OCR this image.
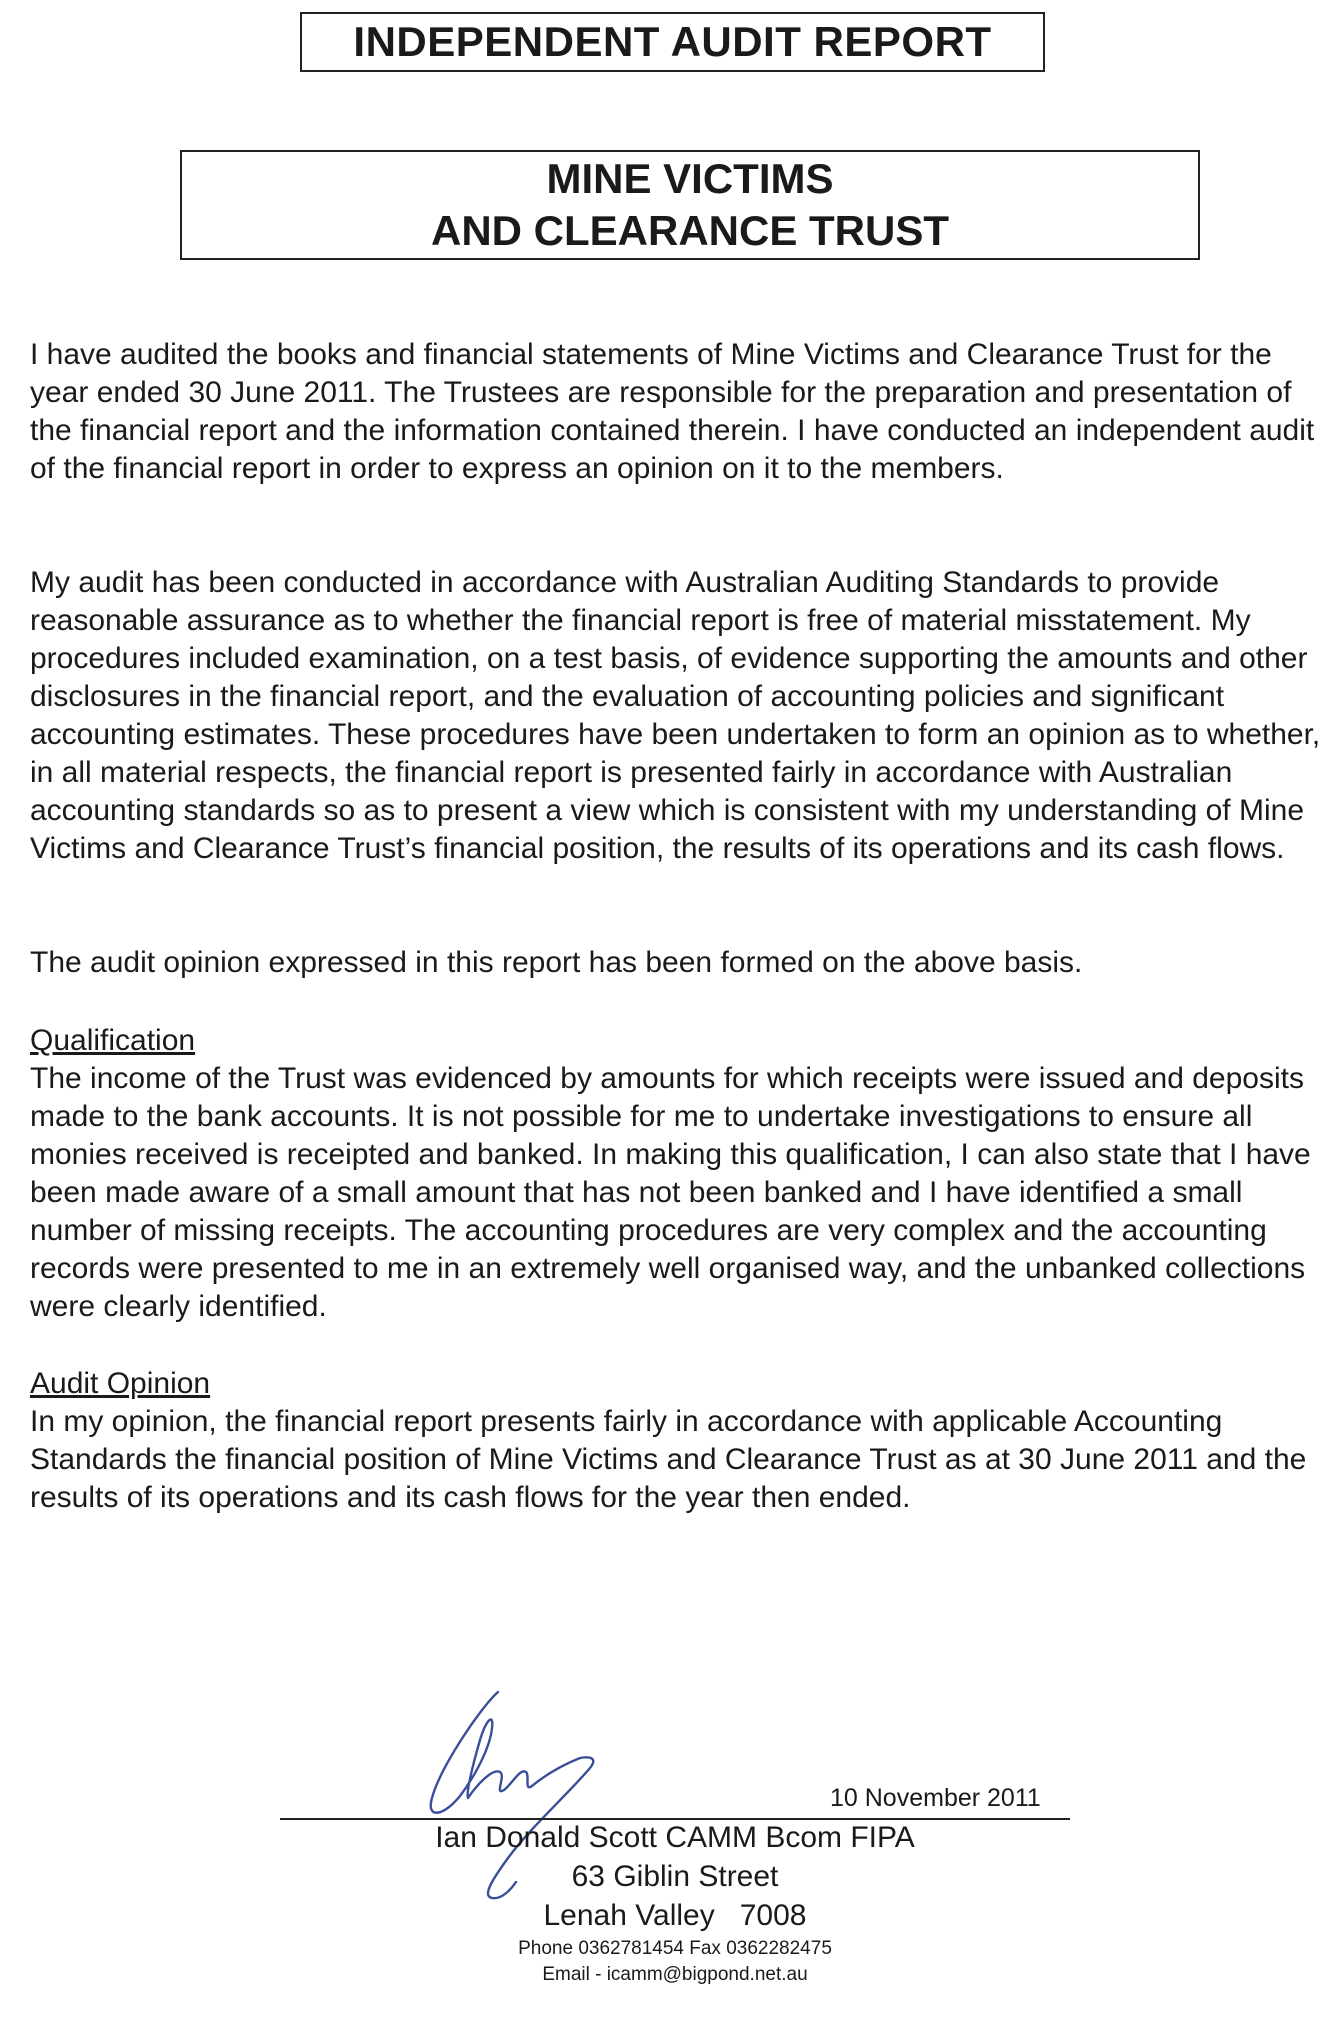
INDEPENDENT AUDIT REPORT
MINE VICTIMS
AND CLEARANCE TRUST

I have audited the books and financial statements of Mine Victims and Clearance Trust for the year ended 30 June 2011. The Trustees are responsible for the preparation and presentation of the financial report and the information contained therein. I have conducted an independent audit of the financial report in order to express an opinion on it to the members.

My audit has been conducted in accordance with Australian Auditing Standards to provide reasonable assurance as to whether the financial report is free of material misstatement. My procedures included examination, on a test basis, of evidence supporting the amounts and other disclosures in the financial report, and the evaluation of accounting policies and significant accounting estimates. These procedures have been undertaken to form an opinion as to whether, in all material respects, the financial report is presented fairly in accordance with Australian accounting standards so as to present a view which is consistent with my understanding of Mine Victims and Clearance Trust’s financial position, the results of its operations and its cash flows.

The audit opinion expressed in this report has been formed on the above basis.

Qualification
The income of the Trust was evidenced by amounts for which receipts were issued and deposits made to the bank accounts. It is not possible for me to undertake investigations to ensure all monies received is receipted and banked. In making this qualification, I can also state that I have been made aware of a small amount that has not been banked and I have identified a small number of missing receipts. The accounting procedures are very complex and the accounting records were presented to me in an extremely well organised way, and the unbanked collections were clearly identified.
Audit Opinion
In my opinion, the financial report presents fairly in accordance with applicable Accounting Standards the financial position of Mine Victims and Clearance Trust as at 30 June 2011 and the results of its operations and its cash flows for the year then ended.
10 November 2011
Ian Donald Scott CAMM Bcom FIPA
63 Giblin Street
Lenah Valley   7008
Phone 0362781454 Fax 0362282475
Email - icamm@bigpond.net.au
